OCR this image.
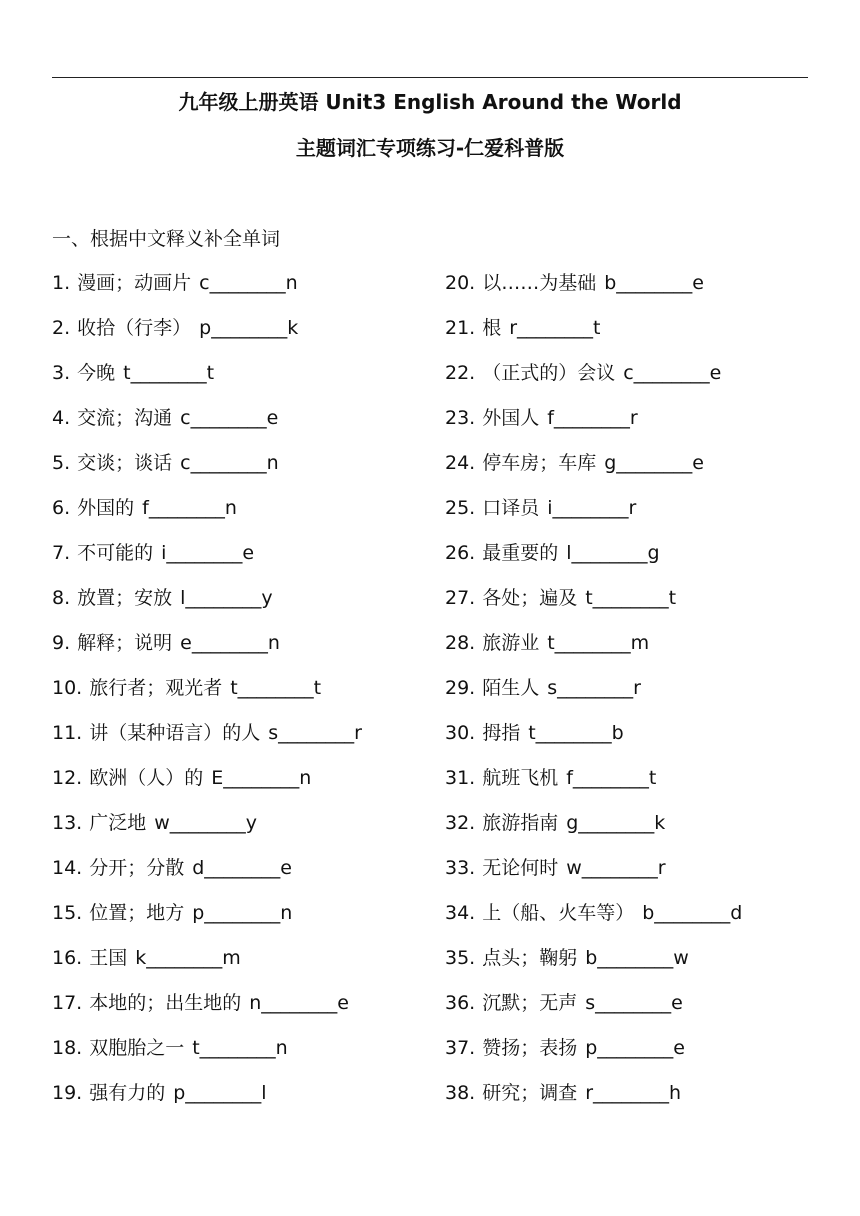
九年级上册英语 Unit3 English Around the World
主题词汇专项练习-仁爱科普版
一、根据中文释义补全单词
1. 漫画；动画片 c________n
2. 收拾（行李） p________k
3. 今晚 t________t
4. 交流；沟通 c________e
5. 交谈；谈话 c________n
6. 外国的 f________n
7. 不可能的 i________e
8. 放置；安放 l________y
9. 解释；说明 e________n
10. 旅行者；观光者 t________t
11. 讲（某种语言）的人 s________r
12. 欧洲（人）的 E________n
13. 广泛地 w________y
14. 分开；分散 d________e
15. 位置；地方 p________n
16. 王国 k________m
17. 本地的；出生地的 n________e
18. 双胞胎之一 t________n
19. 强有力的 p________l
20. 以……为基础 b________e
21. 根 r________t
22. （正式的）会议 c________e
23. 外国人 f________r
24. 停车房；车库 g________e
25. 口译员 i________r
26. 最重要的 l________g
27. 各处；遍及 t________t
28. 旅游业 t________m
29. 陌生人 s________r
30. 拇指 t________b
31. 航班飞机 f________t
32. 旅游指南 g________k
33. 无论何时 w________r
34. 上（船、火车等） b________d
35. 点头；鞠躬 b________w
36. 沉默；无声 s________e
37. 赞扬；表扬 p________e
38. 研究；调查 r________h
